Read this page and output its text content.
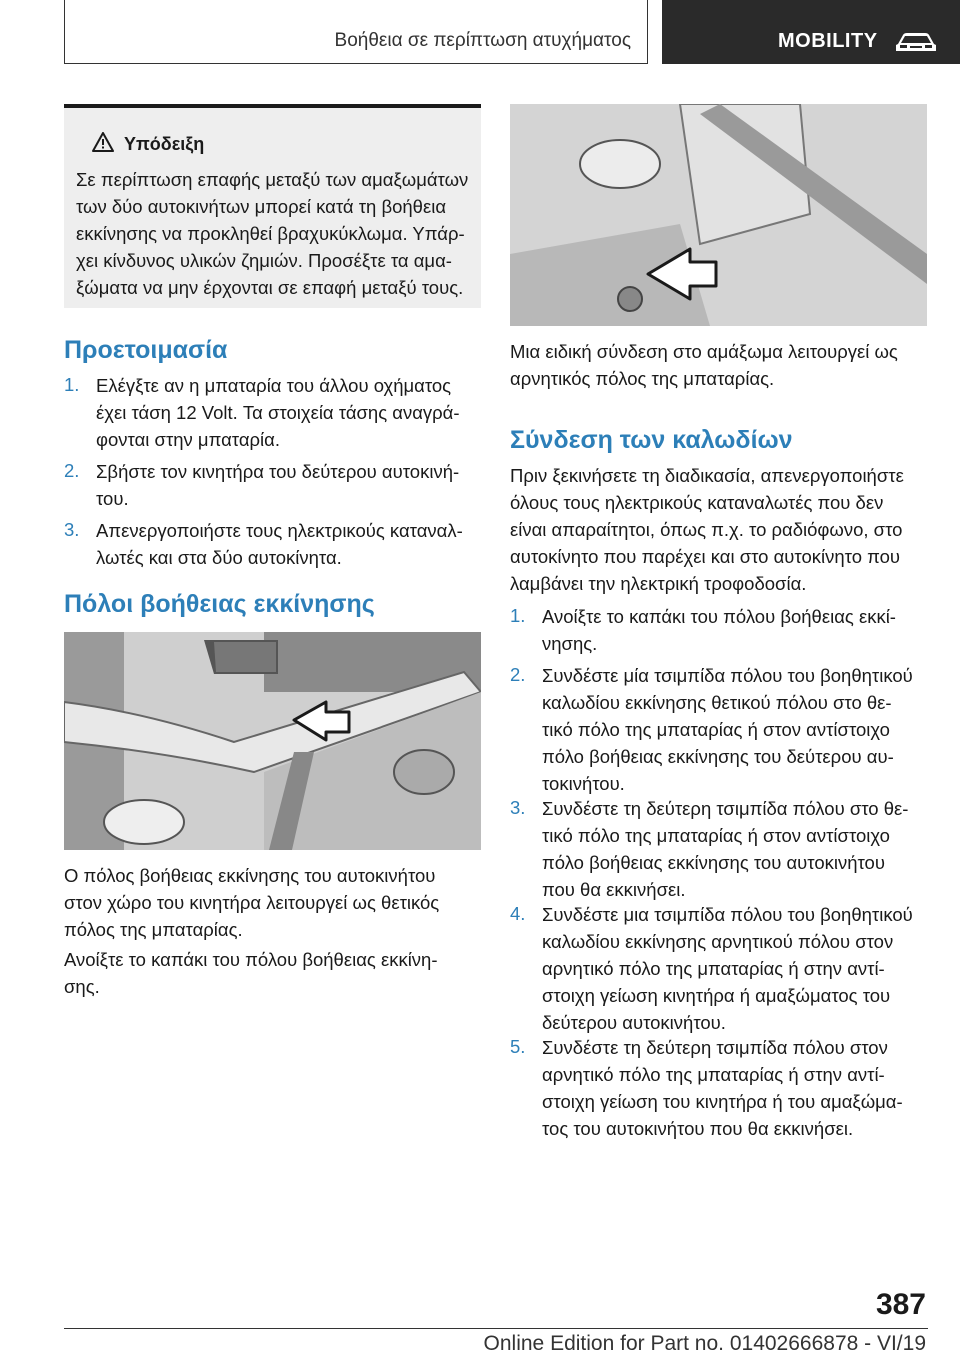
Βοήθεια σε περίπτωση ατυχήματος	MOBILITY
Υπόδειξη
Σε περίπτωση επαφής μεταξύ των αμαξωμάτων
των δύο αυτοκινήτων μπορεί κατά τη βοήθεια
εκκίνησης να προκληθεί βραχυκύκλωμα. Υπάρ-
χει κίνδυνος υλικών ζημιών. Προσέξτε τα αμα-
ξώματα να μην έρχονται σε επαφή μεταξύ τους.
Προετοιμασία
1. Ελέγξτε αν η μπαταρία του άλλου οχήματος
έχει τάση 12 Volt. Τα στοιχεία τάσης αναγρά-
φονται στην μπαταρία.
2. Σβήστε τον κινητήρα του δεύτερου αυτοκινή-
του.
3. Απενεργοποιήστε τους ηλεκτρικούς καταναλ-
λωτές και στα δύο αυτοκίνητα.
Πόλοι βοήθειας εκκίνησης
Ο πόλος βοήθειας εκκίνησης του αυτοκινήτου
στον χώρο του κινητήρα λειτουργεί ως θετικός
πόλος της μπαταρίας.
Ανοίξτε το καπάκι του πόλου βοήθειας εκκίνη-
σης.
Μια ειδική σύνδεση στο αμάξωμα λειτουργεί ως
αρνητικός πόλος της μπαταρίας.
Σύνδεση των καλωδίων
Πριν ξεκινήσετε τη διαδικασία, απενεργοποιήστε
όλους τους ηλεκτρικούς καταναλωτές που δεν
είναι απαραίτητοι, όπως π.χ. το ραδιόφωνο, στο
αυτοκίνητο που παρέχει και στο αυτοκίνητο που
λαμβάνει την ηλεκτρική τροφοδοσία.
1. Ανοίξτε το καπάκι του πόλου βοήθειας εκκί-
νησης.
2. Συνδέστε μία τσιμπίδα πόλου του βοηθητικού
καλωδίου εκκίνησης θετικού πόλου στο θε-
τικό πόλο της μπαταρίας ή στον αντίστοιχο
πόλο βοήθειας εκκίνησης του δεύτερου αυ-
τοκινήτου.
3. Συνδέστε τη δεύτερη τσιμπίδα πόλου στο θε-
τικό πόλο της μπαταρίας ή στον αντίστοιχο
πόλο βοήθειας εκκίνησης του αυτοκινήτου
που θα εκκινήσει.
4. Συνδέστε μια τσιμπίδα πόλου του βοηθητικού
καλωδίου εκκίνησης αρνητικού πόλου στον
αρνητικό πόλο της μπαταρίας ή στην αντί-
στοιχη γείωση κινητήρα ή αμαξώματος του
δεύτερου αυτοκινήτου.
5. Συνδέστε τη δεύτερη τσιμπίδα πόλου στον
αρνητικό πόλο της μπαταρίας ή στην αντί-
στοιχη γείωση του κινητήρα ή του αμαξώμα-
τος του αυτοκινήτου που θα εκκινήσει.
387
Online Edition for Part no. 01402666878 - VI/19
